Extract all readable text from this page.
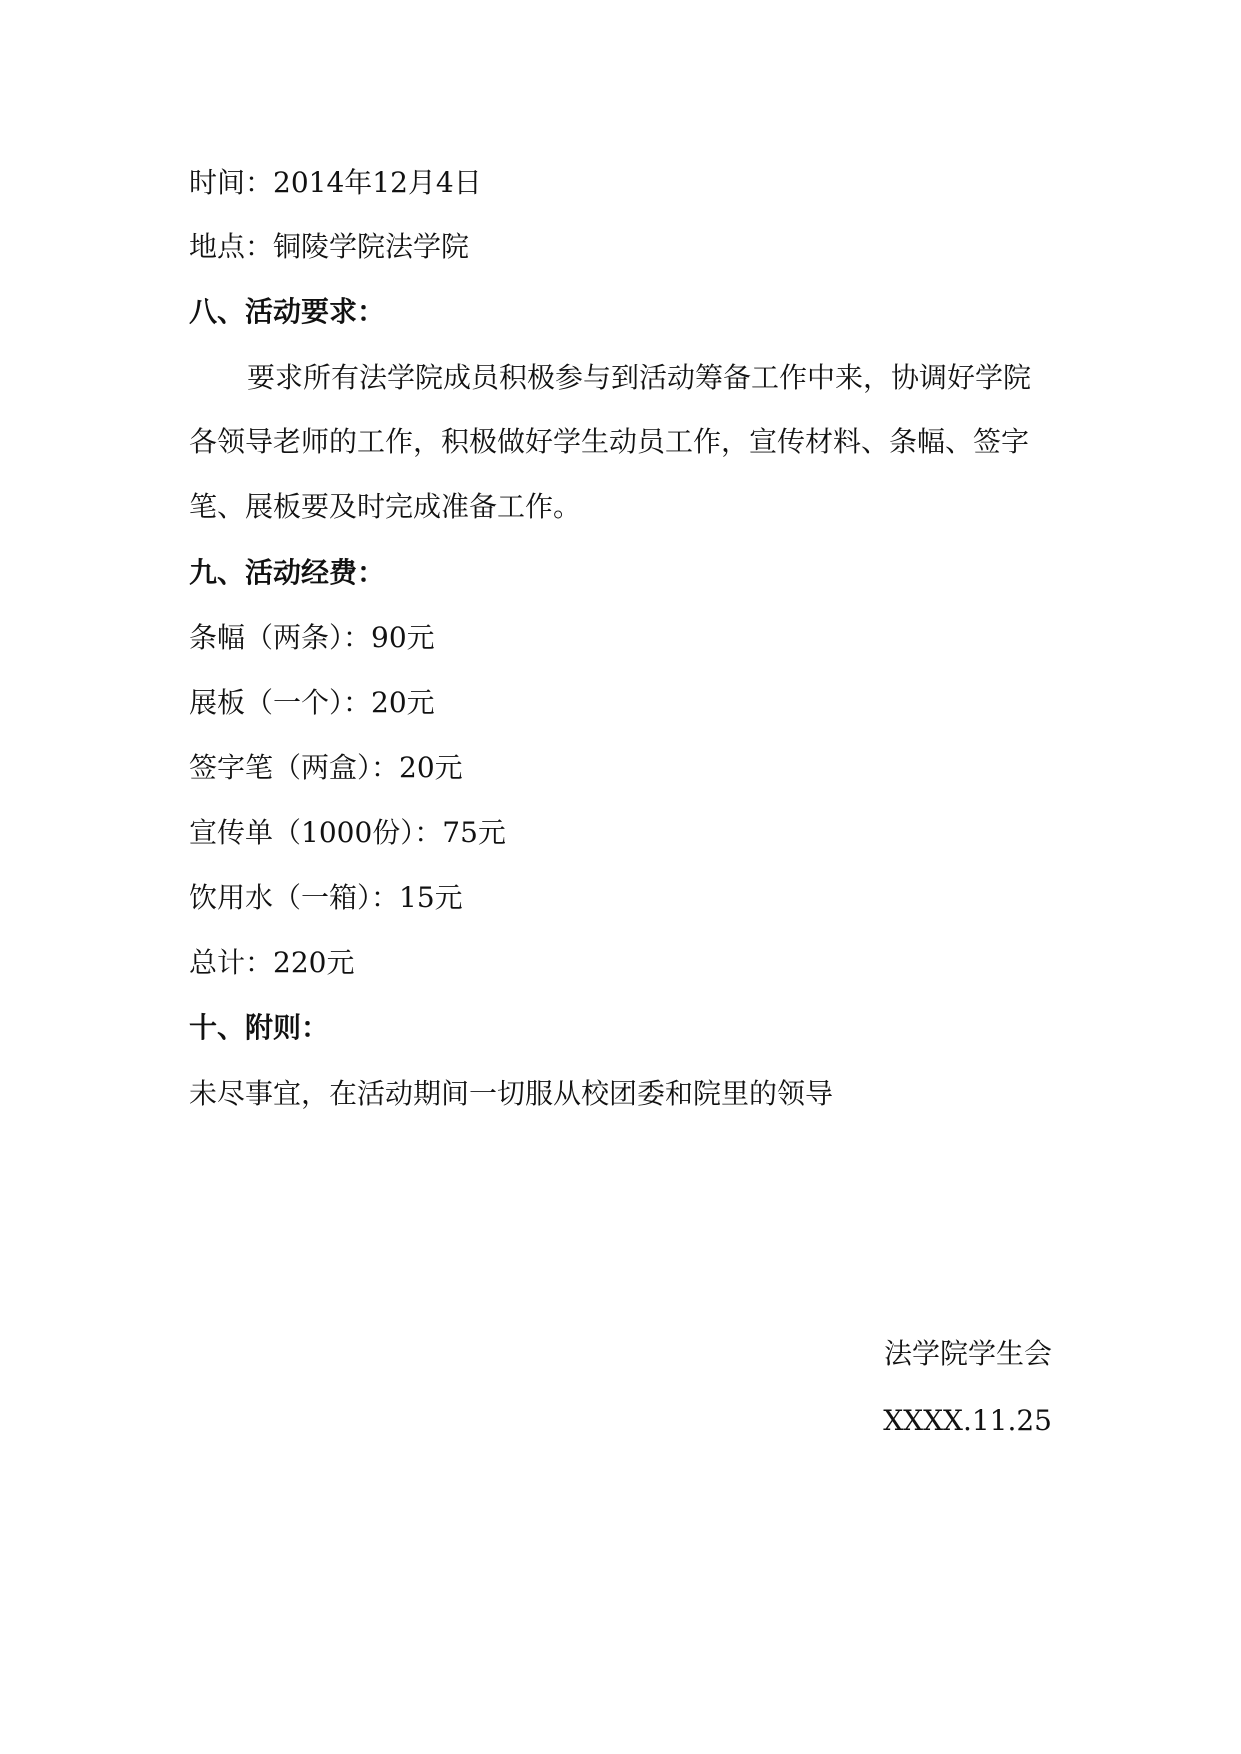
时间：2014年12月4日
地点：铜陵学院法学院
八、活动要求：
要求所有法学院成员积极参与到活动筹备工作中来，协调好学院
各领导老师的工作，积极做好学生动员工作，宣传材料、条幅、签字
笔、展板要及时完成准备工作。
九、活动经费：
条幅（两条）：90元
展板（一个）：20元
签字笔（两盒）：20元
宣传单（1000份）：75元
饮用水（一箱）：15元
总计：220元
十、附则：
未尽事宜，在活动期间一切服从校团委和院里的领导
法学院学生会
XXXX.11.25
